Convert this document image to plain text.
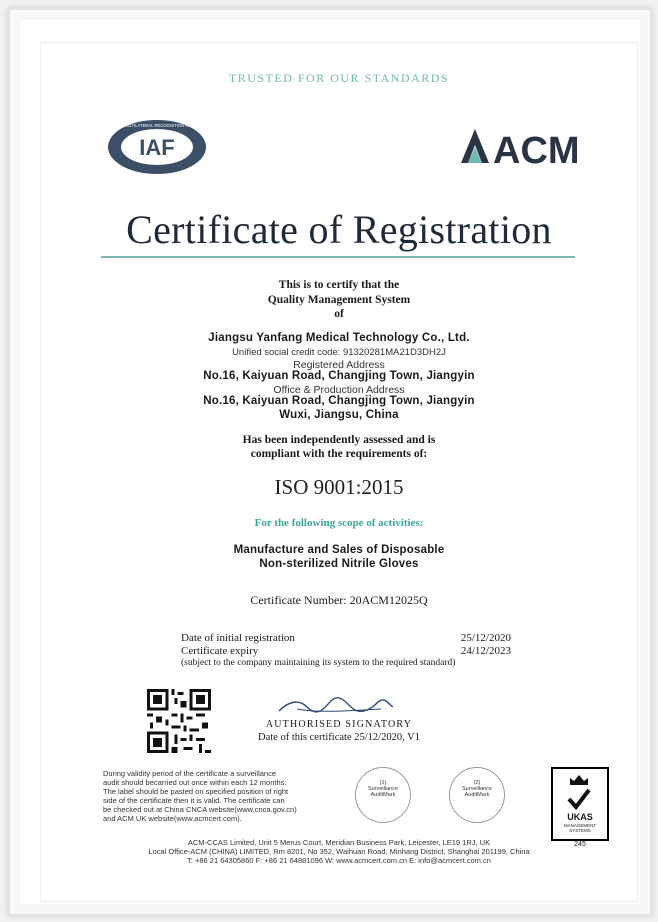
TRUSTED FOR OUR STANDARDS
IAF
MEMBER OF MULTILATERAL RECOGNITION ARRANGEMENT
ACM
Certificate of Registration
This is to certify that the
Quality Management System
of
Jiangsu Yanfang Medical Technology Co., Ltd.
Unified social credit code: 91320281MA21D3DH2J
Registered Address
No.16, Kaiyuan Road, Changjing Town, Jiangyin
Office & Production Address
No.16, Kaiyuan Road, Changjing Town, Jiangyin
Wuxi, Jiangsu, China
Has been independently assessed and is
compliant with the requirements of:
ISO 9001:2015
For the following scope of activities:
Manufacture and Sales of Disposable
Non-sterilized Nitrile Gloves
Certificate Number: 20ACM12025Q
Date of initial registration	25/12/2020
Certificate expiry	24/12/2023
(subject to the company maintaining its system to the required standard)
AUTHORISED SIGNATORY
Date of this certificate 25/12/2020, V1
During validity period of the certificate a surveillance
audit should becarried out once within each 12 months.
The label should be pasted on specified position of right
side of the certificate then it is valid. The certificate can
be checked out at China CNCA website(www.cnca.gov.cn)
and ACM UK website(www.acmcert.com).
(1)
Surveillance
AuditMark
(2)
Surveillance
AuditMark
UKAS
MANAGEMENT
SYSTEMS
245
ACM-CCAS Limited, Unit 5 Merus Court, Meridian Business Park, Leicester, LE19 1RJ, UK
Local Office-ACM (CHINA) LIMITED, Rm 8201, No 352, Waihuan Road, Minhang District, Shanghai 201199, China
T: +86 21 64305860 F: +86 21 64881096 W: www.acmcert.com.cn E: info@acmcert.com.cn
